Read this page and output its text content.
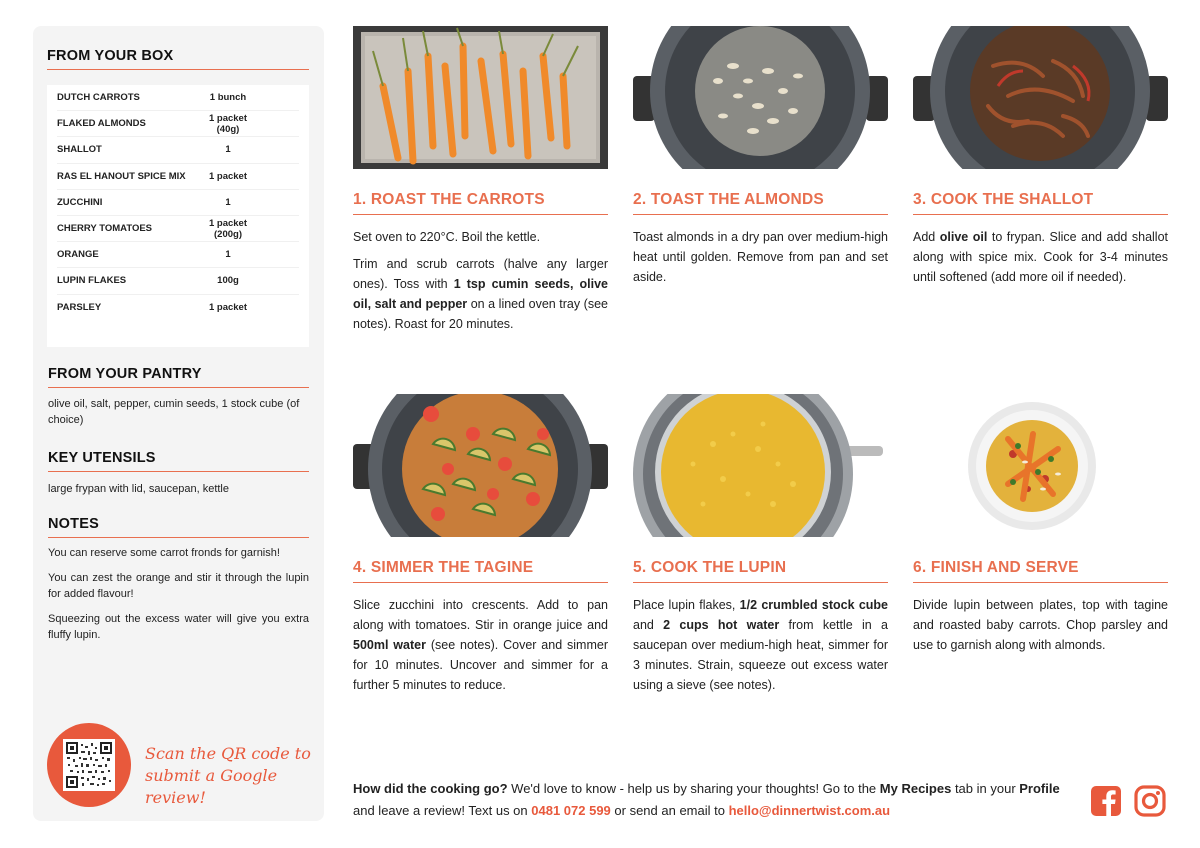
FROM YOUR BOX
DUTCH CARROTS	1 bunch
FLAKED ALMONDS	1 packet (40g)
SHALLOT	1
RAS EL HANOUT SPICE MIX	1 packet
ZUCCHINI	1
CHERRY TOMATOES	1 packet (200g)
ORANGE	1
LUPIN FLAKES	100g
PARSLEY	1 packet
FROM YOUR PANTRY
olive oil, salt, pepper, cumin seeds, 1 stock cube (of choice)
KEY UTENSILS
large frypan with lid, saucepan, kettle
NOTES

You can reserve some carrot fronds for garnish!

You can zest the orange and stir it through the lupin for added flavour!

Squeezing out the excess water will give you extra fluffy lupin.

Scan the QR code to
submit a Google review!
1. ROAST THE CARROTS

Set oven to 220°C. Boil the kettle.

Trim and scrub carrots (halve any larger ones). Toss with 1 tsp cumin seeds, olive oil, salt and pepper on a lined oven tray (see notes). Roast for 20 minutes.

2. TOAST THE ALMONDS

Toast almonds in a dry pan over medium-high heat until golden. Remove from pan and set aside.

3. COOK THE SHALLOT

Add olive oil to frypan. Slice and add shallot along with spice mix. Cook for 3-4 minutes until softened (add more oil if needed).

4. SIMMER THE TAGINE

Slice zucchini into crescents. Add to pan along with tomatoes. Stir in orange juice and 500ml water (see notes). Cover and simmer for 10 minutes. Uncover and simmer for a further 5 minutes to reduce.

5. COOK THE LUPIN

Place lupin flakes, 1/2 crumbled stock cube and 2 cups hot water from kettle in a saucepan over medium-high heat, simmer for 3 minutes. Strain, squeeze out excess water using a sieve (see notes).

6. FINISH AND SERVE

Divide lupin between plates, top with tagine and roasted baby carrots. Chop parsley and use to garnish along with almonds.

How did the cooking go? We'd love to know - help us by sharing your thoughts! Go to the My Recipes tab in your Profile and leave a review! Text us on 0481 072 599 or send an email to hello@dinnertwist.com.au
